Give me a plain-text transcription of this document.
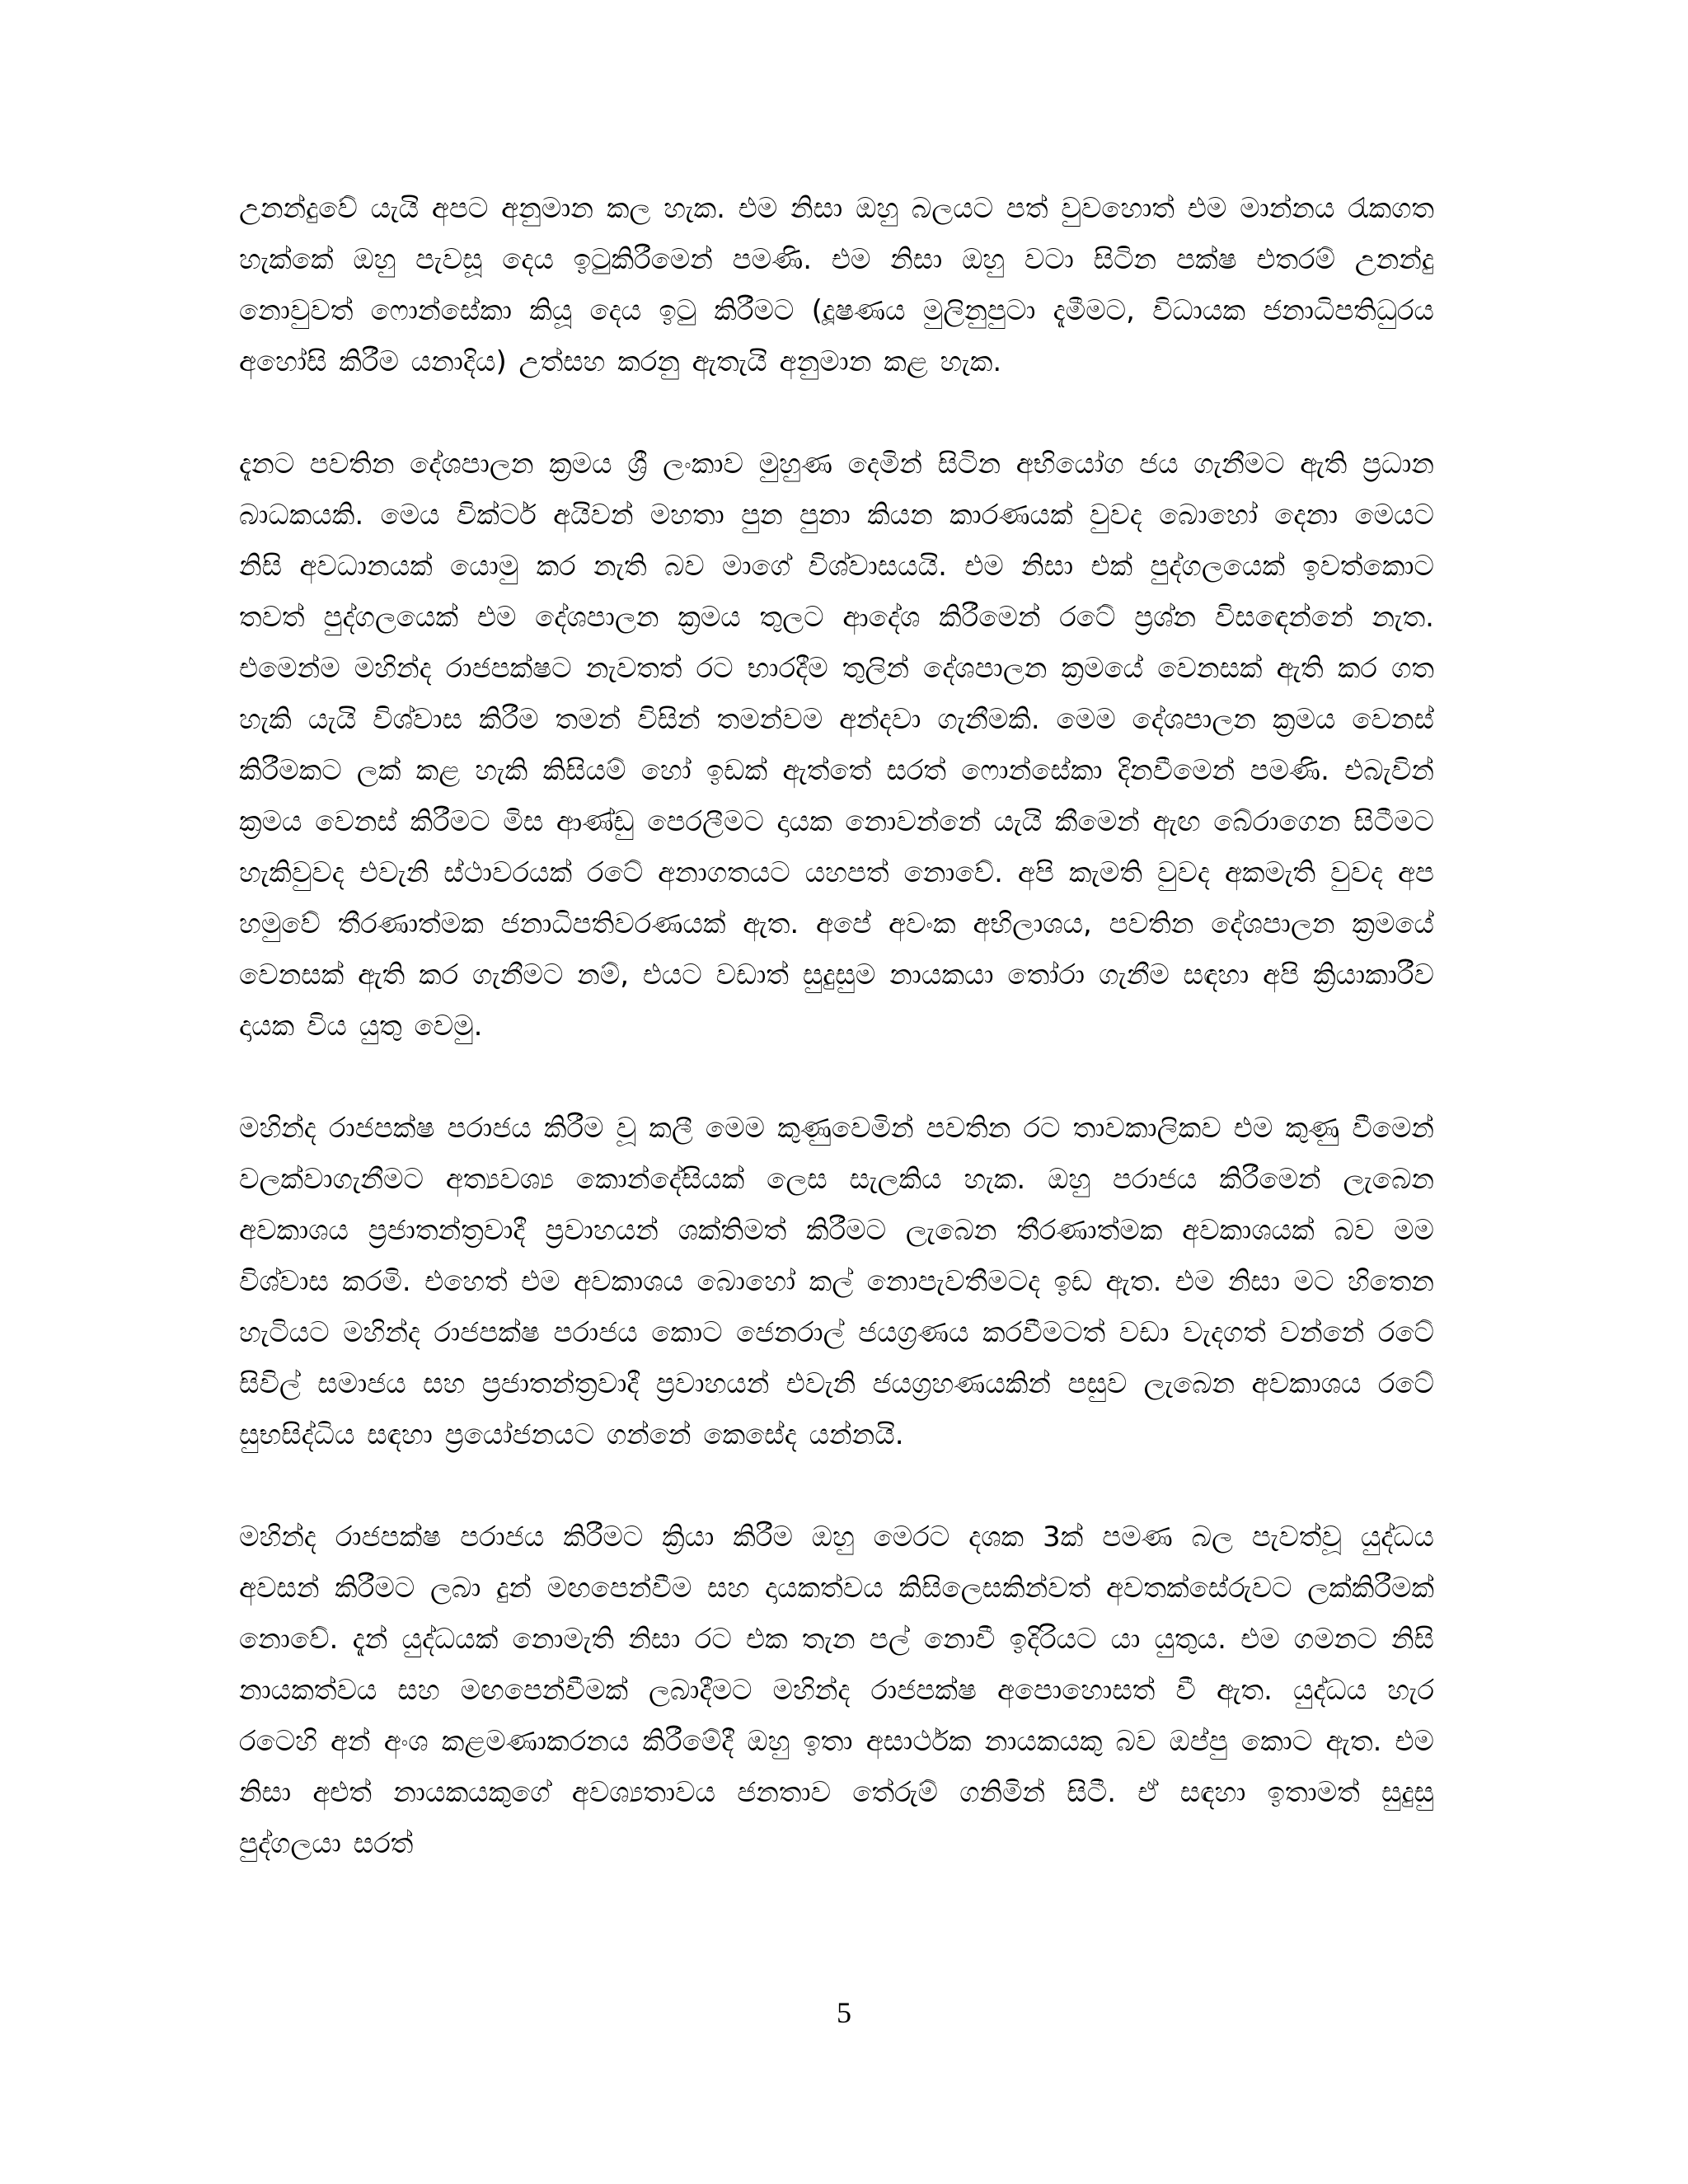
උනන්දුවේ යැයි අපට අනුමාන කල හැක. එම නිසා ඔහු බලයට පත් වුවහොත් එම මාන්නය රැකගත හැක්කේ ඔහු පැවසූ දෙය ඉටුකිරීමෙන් පමණි. එම නිසා ඔහු වටා සිටින පක්ෂ එතරම් උනන්දු නොවුවත් ෆොන්සේකා කියූ දෙය ඉටු කිරීමට (දූෂණය මුලිනුපුටා දැමීමට, විධායක ජනාධිපතිධුරය අහෝසි කිරීම යනාදිය) උත්සහ කරනු ඇතැයි අනුමාන කළ හැක.

දැනට පවතින දේශපාලන ක්‍රමය ශ්‍රී ලංකාව මුහුණ දෙමින් සිටින අභියෝග ජය ගැනීමට ඇති ප්‍රධාන බාධකයකි. මෙය වික්ටර් අයිවන් මහතා පුන පුනා කියන කාරණයක් වුවද බොහෝ දෙනා මෙයට නිසි අවධානයක් යොමු කර නැති බව මාගේ විශ්වාසයයි. එම නිසා එක් පුද්ගලයෙක් ඉවත්කොට තවත් පුද්ගලයෙක් එම දේශපාලන ක්‍රමය තුලට ආදේශ කිරීමෙන් රටේ ප්‍රශ්න විසඳෙන්නේ නැත. එමෙන්ම මහින්ද රාජපක්ෂට නැවතත් රට භාරදීම තුලින් දේශපාලන ක්‍රමයේ වෙනසක් ඇති කර ගත හැකි යැයි විශ්වාස කිරීම තමන් විසින් තමන්වම අන්දවා ගැනීමකි. මෙම දේශපාලන ක්‍රමය වෙනස් කිරීමකට ලක් කළ හැකි කිසියම් හෝ ඉඩක් ඇත්තේ සරත් ෆොන්සේකා දිනවීමෙන් පමණි. එබැවින් ක්‍රමය වෙනස් කිරීමට මිස ආණ්ඩු පෙරලීමට දායක නොවන්නේ යැයි කීමෙන් ඇඟ බේරාගෙන සිටීමට හැකිවුවද එවැනි ස්ථාවරයක් රටේ අනාගතයට යහපත් නොවේ. අපි කැමති වුවද අකමැති වුවද අප හමුවේ තීරණාත්මක ජනාධිපතිවරණයක් ඇත. අපේ අවංක අභිලාශය, පවතින දේශපාලන ක්‍රමයේ වෙනසක් ඇති කර ගැනීමට නම්, එයට වඩාත් සුදුසුම නායකයා තෝරා ගැනීම සඳහා අපි ක්‍රියාකාරීව දායක විය යුතු වෙමු.

මහින්ද රාජපක්ෂ පරාජය කිරීම වූ කලී මෙම කුණුවෙමින් පවතින රට තාවකාලිකව එම කුණු වීමෙන් වලක්වාගැනීමට අත්‍යවශ්‍ය කොන්දේසියක් ලෙස සැලකිය හැක. ඔහු පරාජය කිරීමෙන් ලැබෙන අවකාශය ප්‍රජාතන්ත්‍රවාදී ප්‍රවාහයන් ශක්තිමත් කිරීමට ලැබෙන තීරණාත්මක අවකාශයක් බව මම විශ්වාස කරමි. එහෙත් එම අවකාශය බොහෝ කල් නොපැවතීමටද ඉඩ ඇත. එම නිසා මට හිතෙන හැටියට මහින්ද රාජපක්ෂ පරාජය කොට ජෙනරාල් ජයග්‍රණය කරවීමටත් වඩා වැදගත් වන්නේ රටේ සිවිල් සමාජය සහ ප්‍රජාතන්ත්‍රවාදී ප්‍රවාහයන් එවැනි ජයග්‍රහණයකින් පසුව ලැබෙන අවකාශය රටේ සුභසිද්ධිය සඳහා ප්‍රයෝජනයට ගන්නේ කෙසේද යන්නයි.

මහින්ද රාජපක්ෂ පරාජය කිරීමට ක්‍රියා කිරීම ඔහු මෙරට දශක 3ක් පමණ බල පැවත්වූ යුද්ධය අවසන් කිරීමට ලබා දුන් මඟපෙන්වීම සහ දායකත්වය කිසිලෙසකින්වත් අවතක්සේරුවට ලක්කිරීමක් නොවේ. දැන් යුද්ධයක් නොමැති නිසා රට එක තැන පල් නොවී ඉදිරියට යා යුතුය. එම ගමනට නිසි නායකත්වය සහ මඟපෙන්වීමක් ලබාදීමට මහින්ද රාජපක්ෂ අපොහොසත් වී ඇත. යුද්ධය හැර රටෙහි අන් අංශ කළමණාකරනය කිරීමේදී ඔහු ඉතා අසාර්ථක නායකයකු බව ඔප්පු කොට ඇත. එම නිසා අළුත් නායකයකුගේ අවශ්‍යතාවය ජනතාව තේරුම් ගනිමින් සිටී. ඒ සඳහා ඉතාමත් සුදුසු පුද්ගලයා සරත්

5
